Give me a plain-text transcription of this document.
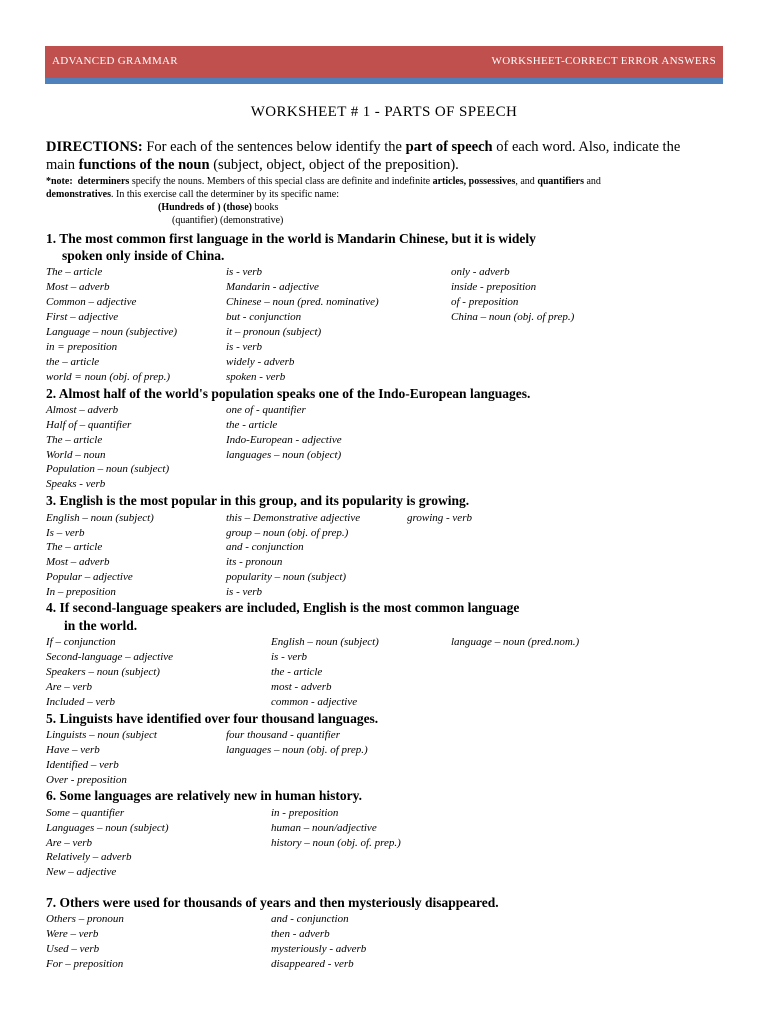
ADVANCED GRAMMAR	WORKSHEET-CORRECT ERROR ANSWERS
WORKSHEET # 1 - PARTS OF SPEECH
DIRECTIONS: For each of the sentences below identify the part of speech of each word. Also, indicate the
main functions of the noun (subject, object, object of the preposition).
*note: determiners specify the nouns. Members of this special class are definite and indefinite articles, possessives, and quantifiers and
demonstratives. In this exercise call the determiner by its specific name:
(Hundreds of ) (those) books
(quantifier) (demonstrative)
1. The most common first language in the world is Mandarin Chinese, but it is widely
spoken only inside of China.
The – article
Most – adverb
Common – adjective
First – adjective
Language – noun (subjective)
in = preposition
the – article
world = noun (obj. of prep.)
is - verb
Mandarin - adjective
Chinese – noun (pred. nominative)
but - conjunction
it – pronoun (subject)
is - verb
widely - adverb
spoken - verb
only - adverb
inside - preposition
of - preposition
China – noun (obj. of prep.)
2. Almost half of the world's population speaks one of the Indo-European languages.
Almost – adverb
Half of – quantifier
The – article
World – noun
Population – noun (subject)
Speaks - verb
one of - quantifier
the - article
Indo-European - adjective
languages – noun (object)
3. English is the most popular in this group, and its popularity is growing.
English – noun (subject)
Is – verb
The – article
Most – adverb
Popular – adjective
In – preposition
this – Demonstrative adjective
group – noun (obj. of prep.)
and - conjunction
its - pronoun
popularity – noun (subject)
is - verb
growing - verb
4. If second-language speakers are included, English is the most common language
in the world.
If – conjunction
Second-language – adjective
Speakers – noun (subject)
Are – verb
Included – verb
English – noun (subject)
is - verb
the - article
most - adverb
common - adjective
language – noun (pred.nom.)
5. Linguists have identified over four thousand languages.
Linguists – noun (subject
Have – verb
Identified – verb
Over - preposition
four thousand - quantifier
languages – noun (obj. of prep.)
6. Some languages are relatively new in human history.
Some – quantifier
Languages – noun (subject)
Are – verb
Relatively – adverb
New – adjective
in - preposition
human – noun/adjective
history – noun (obj. of. prep.)
7. Others were used for thousands of years and then mysteriously disappeared.
Others – pronoun
Were – verb
Used – verb
For – preposition
and - conjunction
then - adverb
mysteriously - adverb
disappeared - verb
